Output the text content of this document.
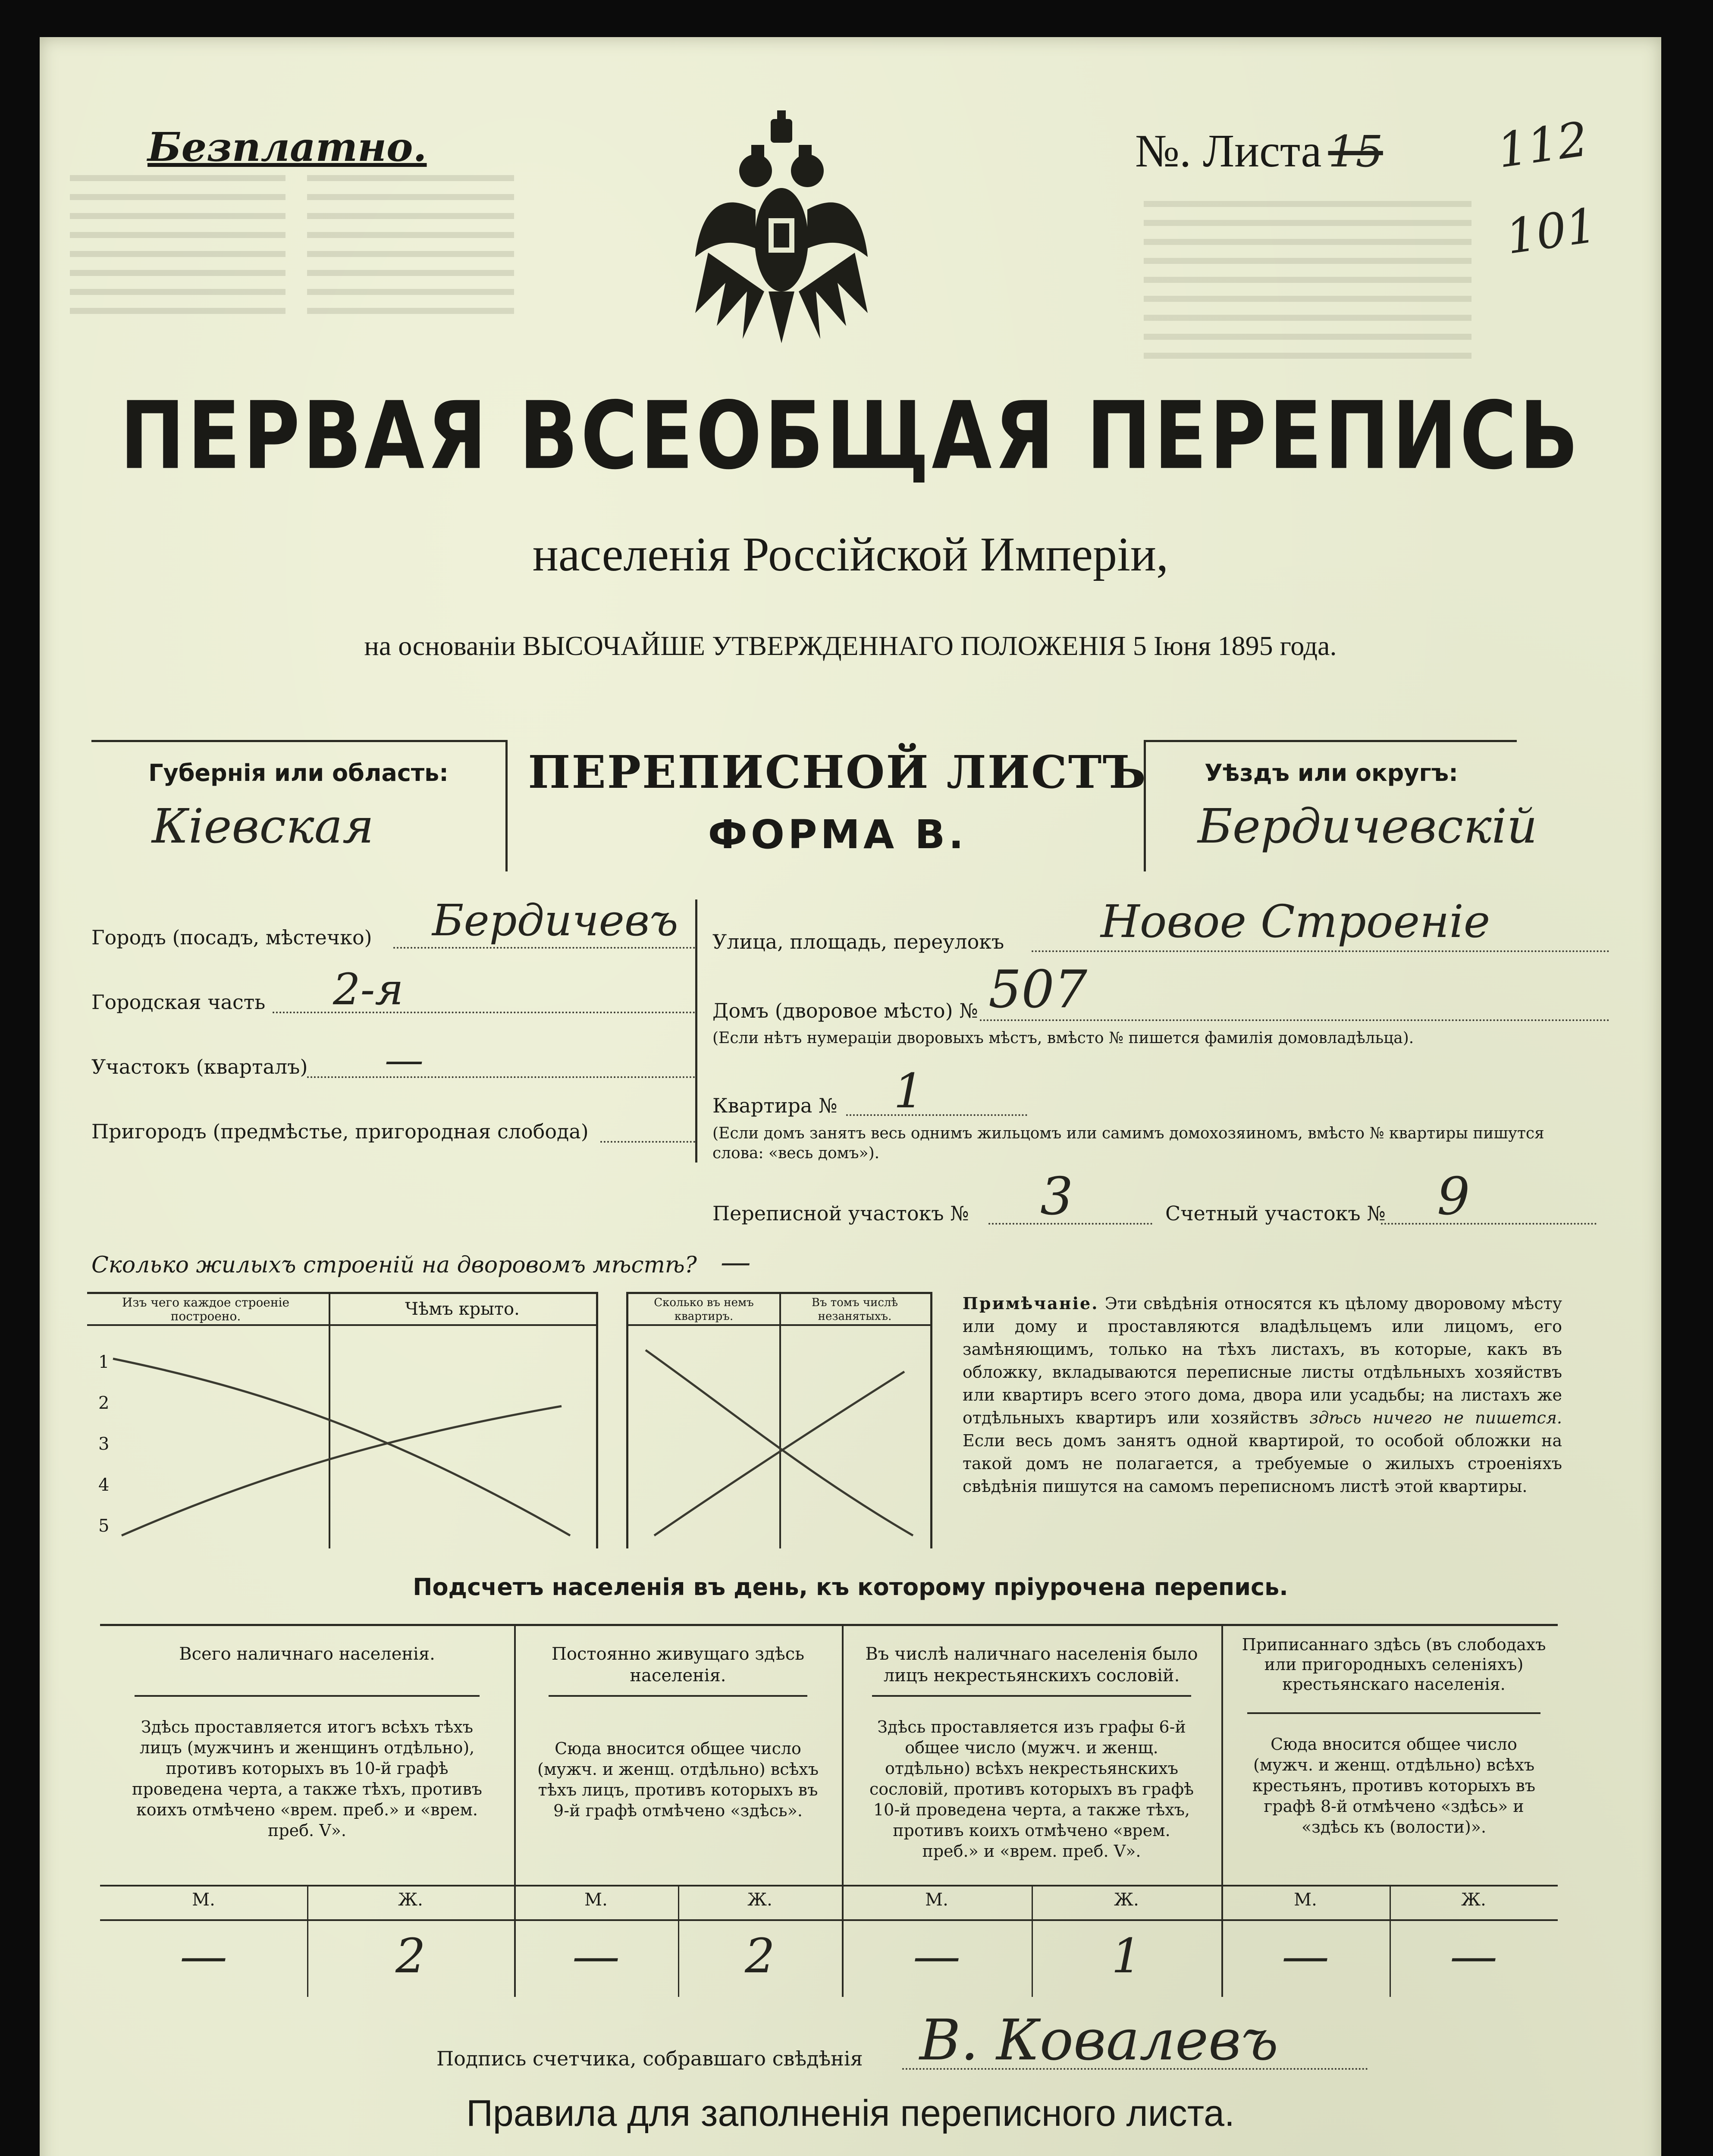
Безплатно.	№. Листа 15	112
101
ПЕРВАЯ ВСЕОБЩАЯ ПЕРЕПИСЬ
населенія Россійской Имперіи,
на основаніи ВЫСОЧАЙШЕ УТВЕРЖДЕННАГО ПОЛОЖЕНІЯ 5 Іюня 1895 года.
Губернія или область:
Кіевская
ПЕРЕПИСНОЙ ЛИСТЪ
ФОРМА В.
Уѣздъ или округъ:
Бердичевскій
Городъ (посадъ, мѣстечко) Бердичевъ
Городская часть 2-я
Участокъ (кварталъ) —
Пригородъ (предмѣстье, пригородная слобода)
Улица, площадь, переулокъ Новое Строеніе
Домъ (дворовое мѣсто) № 507
(Если нѣтъ нумераціи дворовыхъ мѣстъ, вмѣсто № пишется фамилія домовладѣльца).
Квартира № 1
(Если домъ занятъ весь однимъ жильцомъ или самимъ домохозяиномъ, вмѣсто № квартиры пишутся слова: «весь домъ»).
Переписной участокъ № 3	Счетный участокъ № 9
Сколько жилыхъ строеній на дворовомъ мѣстѣ? —
Изъ чего каждое строеніе построено.	Чѣмъ крыто.
1
2
3
4
5
Сколько въ немъ квартиръ.
Въ томъ числѣ незанятыхъ.
Примѣчаніе. Эти свѣдѣнія относятся къ цѣлому дворовому мѣсту или дому и проставляются владѣльцемъ или лицомъ, его замѣняющимъ, только на тѣхъ листахъ, въ которые, какъ въ обложку, вкладываются переписные листы отдѣльныхъ хозяйствъ или квартиръ всего этого дома, двора или усадьбы; на листахъ же отдѣльныхъ квартиръ или хозяйствъ здѣсь ничего не пишется. Если весь домъ занятъ одной квартирой, то особой обложки на такой домъ не полагается, а требуемые о жилыхъ строеніяхъ свѣдѣнія пишутся на самомъ переписномъ листѣ этой квартиры.
Подсчетъ населенія въ день, къ которому пріурочена перепись.
Всего наличнаго населенія.
Здѣсь проставляется итогъ всѣхъ тѣхъ лицъ (мужчинъ и женщинъ отдѣльно), противъ которыхъ въ 10-й графѣ проведена черта, а также тѣхъ, противъ коихъ отмѣчено «врем. преб.» и «врем. преб. V».
Постоянно живущаго здѣсь населенія.
Сюда вносится общее число (мужч. и женщ. отдѣльно) всѣхъ тѣхъ лицъ, противъ которыхъ въ 9-й графѣ отмѣчено «здѣсь».
Въ числѣ наличнаго населенія было лицъ некрестьянскихъ сословій.
Здѣсь проставляется изъ графы 6-й общее число (мужч. и женщ. отдѣльно) всѣхъ некрестьянскихъ сословій, противъ которыхъ въ графѣ 10-й проведена черта, а также тѣхъ, противъ коихъ отмѣчено «врем. преб.» и «врем. преб. V».
Приписаннаго здѣсь (въ слободахъ или пригородныхъ селеніяхъ) крестьянскаго населенія.
Сюда вносится общее число (мужч. и женщ. отдѣльно) всѣхъ крестьянъ, противъ которыхъ въ графѣ 8-й отмѣчено «здѣсь» и «здѣсь къ (волости)».
М.	Ж.	М.	Ж.	М.	Ж.	М.	Ж.
—	2	—	2	—	1	—	—
Подпись счетчика, собравшаго свѣдѣнія В. Ковалевъ
Правила для заполненія переписного листа.
